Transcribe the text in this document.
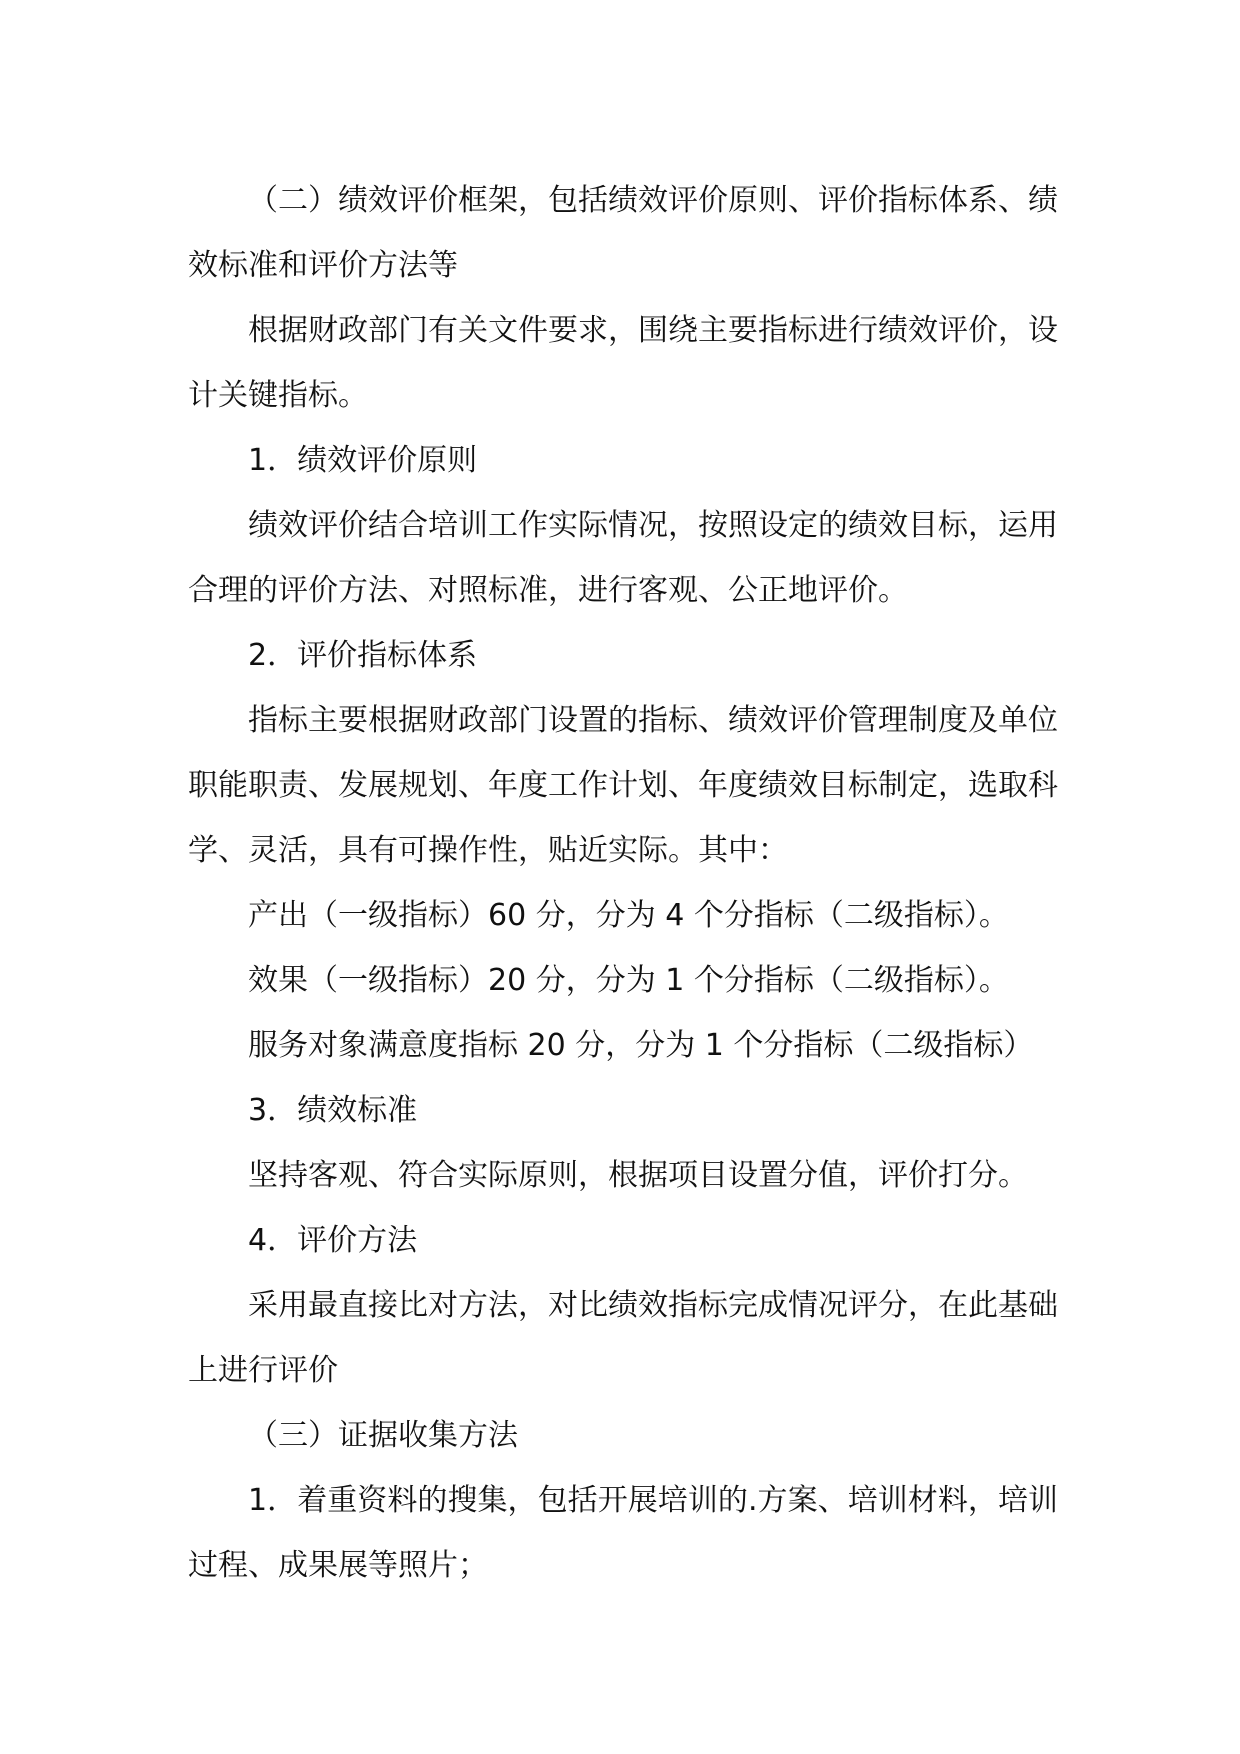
（二）绩效评价框架，包括绩效评价原则、评价指标体系、绩效标准和评价方法等

根据财政部门有关文件要求，围绕主要指标进行绩效评价，设计关键指标。

1．绩效评价原则

绩效评价结合培训工作实际情况，按照设定的绩效目标，运用合理的评价方法、对照标准，进行客观、公正地评价。

2．评价指标体系

指标主要根据财政部门设置的指标、绩效评价管理制度及单位职能职责、发展规划、年度工作计划、年度绩效目标制定，选取科学、灵活，具有可操作性，贴近实际。其中：

产出（一级指标）60 分，分为 4 个分指标（二级指标）。

效果（一级指标）20 分，分为 1 个分指标（二级指标）。

服务对象满意度指标 20 分，分为 1 个分指标（二级指标）

3．绩效标准

坚持客观、符合实际原则，根据项目设置分值，评价打分。

4．评价方法

采用最直接比对方法，对比绩效指标完成情况评分，在此基础上进行评价

（三）证据收集方法

1．着重资料的搜集，包括开展培训的.方案、培训材料，培训过程、成果展等照片；
